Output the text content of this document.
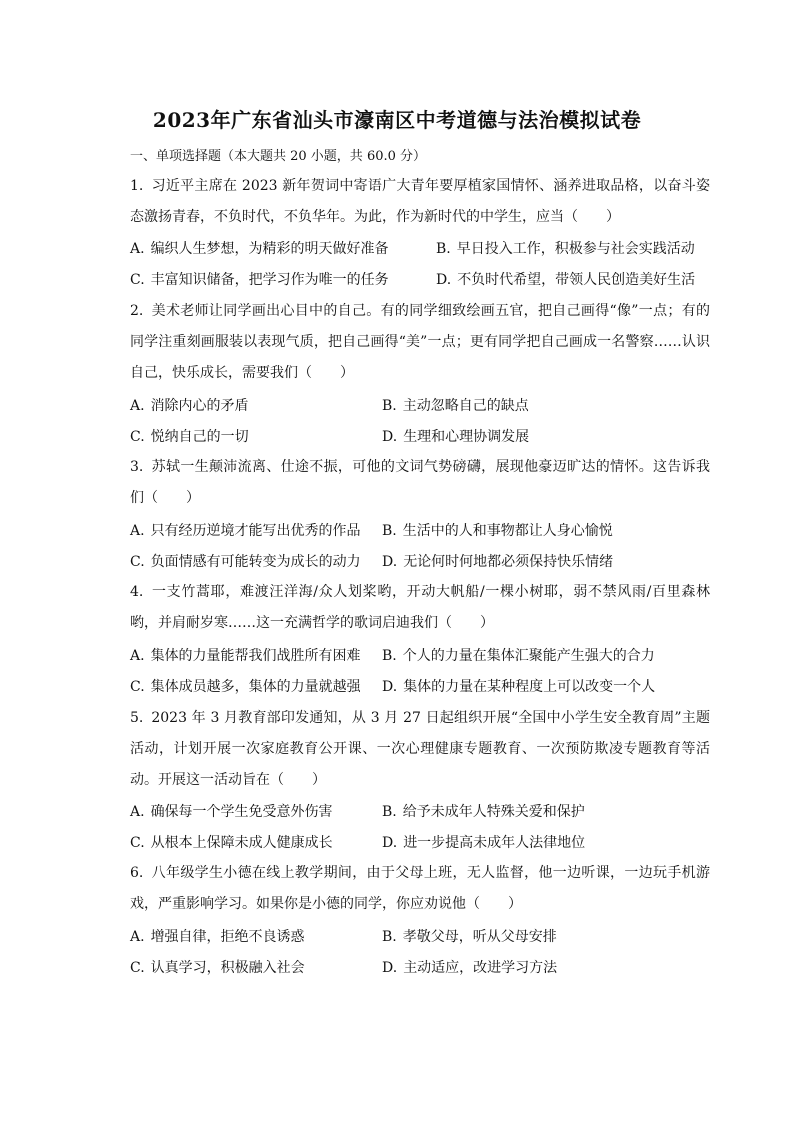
2023年广东省汕头市濠南区中考道德与法治模拟试卷
一、单项选择题（本大题共 20 小题，共 60.0 分）
1. 习近平主席在 2023 新年贺词中寄语广大青年要厚植家国情怀、涵养进取品格，以奋斗姿态激扬青春，不负时代，不负华年。为此，作为新时代的中学生，应当（　　）
A. 编织人生梦想，为精彩的明天做好准备	B. 早日投入工作，积极参与社会实践活动
C. 丰富知识储备，把学习作为唯一的任务	D. 不负时代希望，带领人民创造美好生活
2. 美术老师让同学画出心目中的自己。有的同学细致绘画五官，把自己画得“像”一点；有的同学注重刻画服装以表现气质，把自己画得“美”一点；更有同学把自己画成一名警察……认识自己，快乐成长，需要我们（　　）
A. 消除内心的矛盾	B. 主动忽略自己的缺点
C. 悦纳自己的一切	D. 生理和心理协调发展
3. 苏轼一生颠沛流离、仕途不振，可他的文词气势磅礴，展现他豪迈旷达的情怀。这告诉我们（　　）
A. 只有经历逆境才能写出优秀的作品 B. 生活中的人和事物都让人身心愉悦
C. 负面情感有可能转变为成长的动力 D. 无论何时何地都必须保持快乐情绪
4. 一支竹蒿耶，难渡汪洋海/众人划桨哟，开动大帆船/一棵小树耶，弱不禁风雨/百里森林哟，并肩耐岁寒……这一充满哲学的歌词启迪我们（　　）
A. 集体的力量能帮我们战胜所有困难 B. 个人的力量在集体汇聚能产生强大的合力
C. 集体成员越多，集体的力量就越强 D. 集体的力量在某种程度上可以改变一个人
5. 2023 年 3 月教育部印发通知，从 3 月 27 日起组织开展“全国中小学生安全教育周”主题活动，计划开展一次家庭教育公开课、一次心理健康专题教育、一次预防欺凌专题教育等活动。开展这一活动旨在（　　）
A. 确保每一个学生免受意外伤害	B. 给予未成年人特殊关爱和保护
C. 从根本上保障未成人健康成长	D. 进一步提高未成年人法律地位
6. 八年级学生小德在线上教学期间，由于父母上班，无人监督，他一边听课，一边玩手机游戏，严重影响学习。如果你是小德的同学，你应劝说他（　　）
A. 增强自律，拒绝不良诱惑	B. 孝敬父母，听从父母安排
C. 认真学习，积极融入社会	D. 主动适应，改进学习方法
